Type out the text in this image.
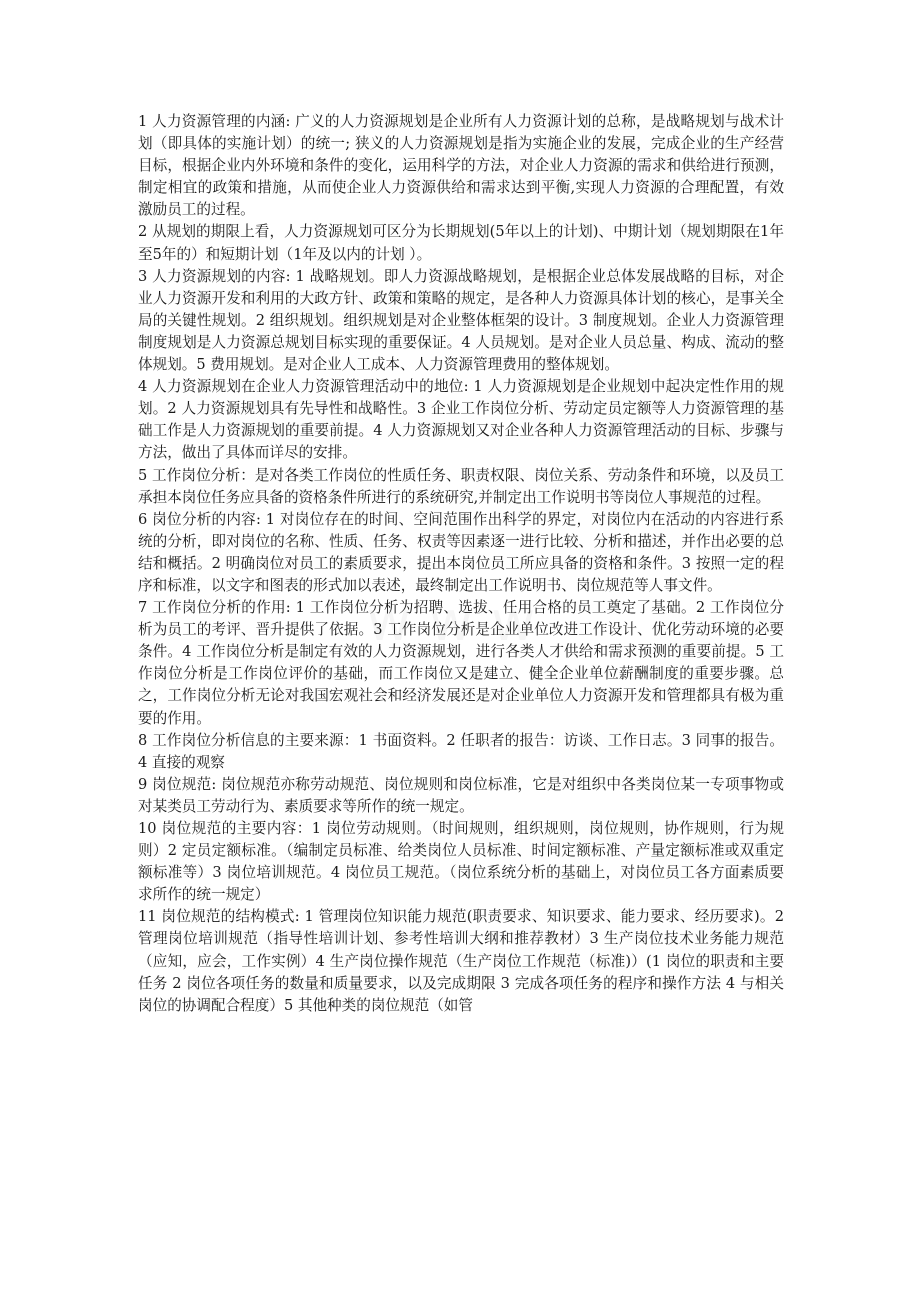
www

1 人力资源管理的内涵: 广义的人力资源规划是企业所有人力资源计划的总称，是战略规划与战术计划（即具体的实施计划）的统一; 狭义的人力资源规划是指为实施企业的发展，完成企业的生产经营目标，根据企业内外环境和条件的变化，运用科学的方法，对企业人力资源的需求和供给进行预测，制定相宜的政策和措施，从而使企业人力资源供给和需求达到平衡,实现人力资源的合理配置，有效激励员工的过程。

2 从规划的期限上看，人力资源规划可区分为长期规划(5年以上的计划)、中期计划（规划期限在1年至5年的）和短期计划（1年及以内的计划 ）。

3 人力资源规划的内容: 1 战略规划。即人力资源战略规划，是根据企业总体发展战略的目标，对企业人力资源开发和利用的大政方针、政策和策略的规定，是各种人力资源具体计划的核心，是事关全局的关键性规划。2 组织规划。组织规划是对企业整体框架的设计。3 制度规划。企业人力资源管理制度规划是人力资源总规划目标实现的重要保证。4 人员规划。是对企业人员总量、构成、流动的整体规划。5 费用规划。是对企业人工成本、人力资源管理费用的整体规划。

4 人力资源规划在企业人力资源管理活动中的地位: 1 人力资源规划是企业规划中起决定性作用的规划。2 人力资源规划具有先导性和战略性。3 企业工作岗位分析、劳动定员定额等人力资源管理的基础工作是人力资源规划的重要前提。4 人力资源规划又对企业各种人力资源管理活动的目标、步骤与方法，做出了具体而详尽的安排。

5 工作岗位分析：是对各类工作岗位的性质任务、职责权限、岗位关系、劳动条件和环境，以及员工承担本岗位任务应具备的资格条件所进行的系统研究,并制定出工作说明书等岗位人事规范的过程。

6 岗位分析的内容: 1 对岗位存在的时间、空间范围作出科学的界定，对岗位内在活动的内容进行系统的分析，即对岗位的名称、性质、任务、权责等因素逐一进行比较、分析和描述，并作出必要的总结和概括。2 明确岗位对员工的素质要求，提出本岗位员工所应具备的资格和条件。3 按照一定的程序和标准，以文字和图表的形式加以表述，最终制定出工作说明书、岗位规范等人事文件。

7 工作岗位分析的作用: 1 工作岗位分析为招聘、选拔、任用合格的员工奠定了基础。2 工作岗位分析为员工的考评、晋升提供了依据。3 工作岗位分析是企业单位改进工作设计、优化劳动环境的必要条件。4 工作岗位分析是制定有效的人力资源规划，进行各类人才供给和需求预测的重要前提。5 工作岗位分析是工作岗位评价的基础，而工作岗位又是建立、健全企业单位薪酬制度的重要步骤。总之，工作岗位分析无论对我国宏观社会和经济发展还是对企业单位人力资源开发和管理都具有极为重要的作用。

8 工作岗位分析信息的主要来源：1 书面资料。2 任职者的报告：访谈、工作日志。3 同事的报告。4 直接的观察

9 岗位规范: 岗位规范亦称劳动规范、岗位规则和岗位标准，它是对组织中各类岗位某一专项事物或对某类员工劳动行为、素质要求等所作的统一规定。

10 岗位规范的主要内容：1 岗位劳动规则。（时间规则，组织规则，岗位规则，协作规则，行为规则）2 定员定额标准。（编制定员标准、给类岗位人员标准、时间定额标准、产量定额标准或双重定额标准等）3 岗位培训规范。4 岗位员工规范。（岗位系统分析的基础上，对岗位员工各方面素质要求所作的统一规定）

11 岗位规范的结构模式: 1 管理岗位知识能力规范(职责要求、知识要求、能力要求、经历要求)。2 管理岗位培训规范（指导性培训计划、参考性培训大纲和推荐教材）3 生产岗位技术业务能力规范（应知，应会，工作实例）4 生产岗位操作规范（生产岗位工作规范（标准)）(1 岗位的职责和主要任务 2 岗位各项任务的数量和质量要求，以及完成期限 3 完成各项任务的程序和操作方法 4 与相关岗位的协调配合程度）5 其他种类的岗位规范（如管
